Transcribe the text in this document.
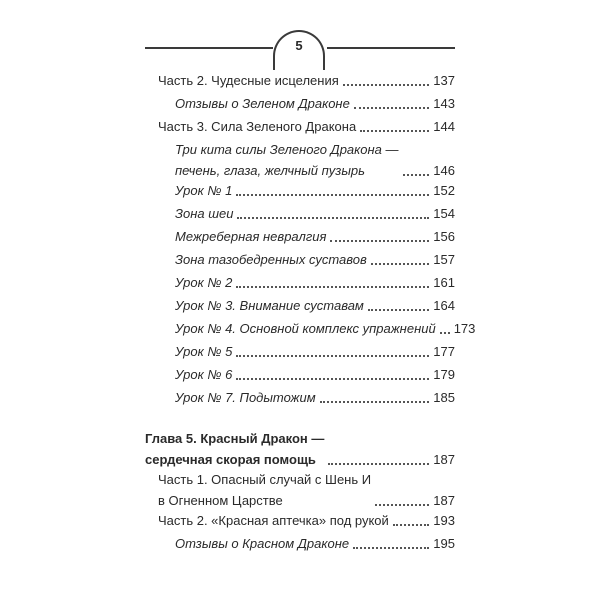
5
Часть 2. Чудесные исцеления	137
Отзывы о Зеленом Драконе	143
Часть 3. Сила Зеленого Дракона	144
Три кита силы Зеленого Дракона —
печень, глаза, желчный пузырь	146
Урок № 1	152
Зона шеи	154
Межреберная невралгия	156
Зона тазобедренных суставов	157
Урок № 2	161
Урок № 3. Внимание суставам	164
Урок № 4. Основной комплекс упражнений 173
Урок № 5	177
Урок № 6	179
Урок № 7. Подытожим	185
Глава 5. Красный Дракон —
сердечная скорая помощь	187
Часть 1. Опасный случай с Шень И
в Огненном Царстве	187
Часть 2. «Красная аптечка» под рукой	193
Отзывы о Красном Драконе	195
